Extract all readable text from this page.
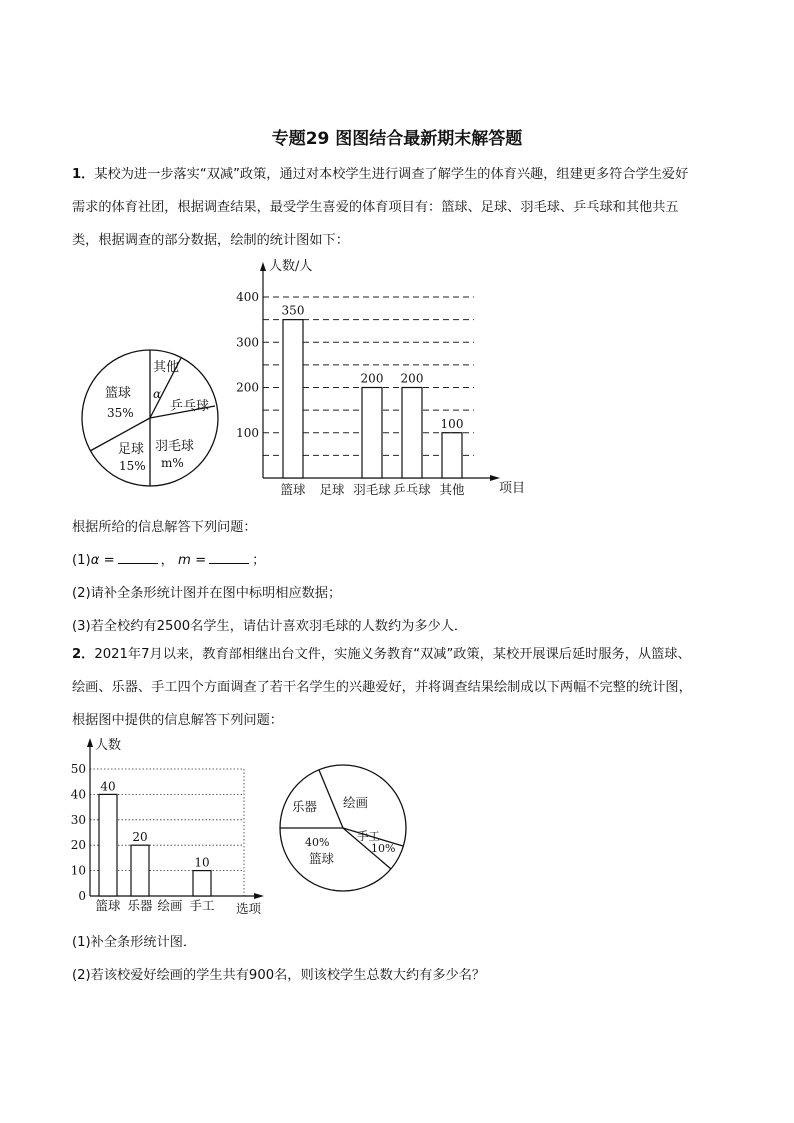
专题29 图图结合最新期末解答题
1．某校为进一步落实“双减”政策，通过对本校学生进行调查了解学生的体育兴趣，组建更多符合学生爱好
需求的体育社团，根据调查结果，最受学生喜爱的体育项目有：篮球、足球、羽毛球、乒乓球和其他共五
类，根据调查的部分数据，绘制的统计图如下：
其他
乒乓球
羽毛球
m%
足球
15%
篮球
35%
α
人数/人
项目
100
200
300
400
篮球
350
足球 羽毛球
200
乒乓球
200
其他
100
根据所给的信息解答下列问题：
(1)α =	， m =	；
(2)请补全条形统计图并在图中标明相应数据；
(3)若全校约有2500名学生，请估计喜欢羽毛球的人数约为多少人．
2．2021年7月以来，教育部相继出台文件，实施义务教育“双减”政策，某校开展课后延时服务，从篮球、
绘画、乐器、手工四个方面调查了若干名学生的兴趣爱好，并将调查结果绘制成以下两幅不完整的统计图，
根据图中提供的信息解答下列问题：
人数
选项
0
10
20
30
40
50
篮球
40
乐器
20
绘画 手工
10
乐器 绘画
手工
10%
40%
篮球
(1)补全条形统计图．
(2)若该校爱好绘画的学生共有900名，则该校学生总数大约有多少名？
